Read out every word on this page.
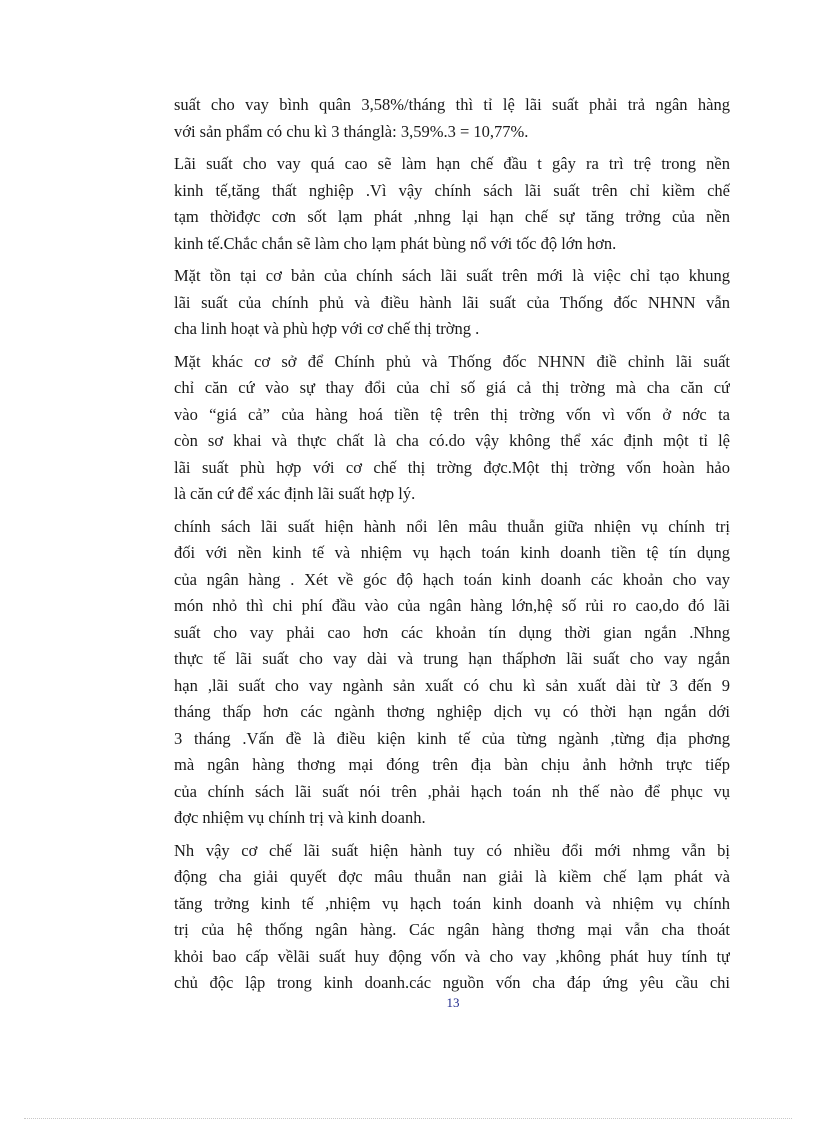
suất cho vay bình quân 3,58%/tháng thì tỉ lệ lãi suất phải trả ngân hàng
với sản phẩm có chu kì 3 thánglà: 3,59%.3 = 10,77%.

Lãi suất cho vay quá cao sẽ làm hạn chế đầu t gây ra trì trệ trong nền
kinh tế,tăng thất nghiệp .Vì vậy chính sách lãi suất trên chỉ kiềm chế
tạm thờiđợc cơn sốt lạm phát ,nhng lại hạn chế sự tăng trởng của nền
kinh tế.Chắc chắn sẽ làm cho lạm phát bùng nổ với tốc độ lớn hơn.

Mặt tồn tại cơ bản của chính sách lãi suất trên mới là việc chỉ tạo khung
lãi suất của chính phủ và điều hành lãi suất của Thống đốc NHNN vẫn
cha linh hoạt và phù hợp với cơ chế thị trờng .

Mặt khác cơ sở để Chính phủ và Thống đốc NHNN điề chỉnh lãi suất
chỉ căn cứ vào sự thay đổi của chỉ số giá cả thị trờng mà cha căn cứ
vào “giá cả” của hàng hoá tiền tệ trên thị trờng vốn vì vốn ở nớc ta
còn sơ khai và thực chất là cha có.do vậy không thể xác định một tỉ lệ
lãi suất phù hợp với cơ chế thị trờng đợc.Một thị trờng vốn hoàn hảo
là căn cứ để xác định lãi suất hợp lý.

chính sách lãi suất hiện hành nổi lên mâu thuẫn giữa nhiện vụ chính trị
đối với nền kinh tế và nhiệm vụ hạch toán kinh doanh tiền tệ tín dụng
của ngân hàng . Xét về góc độ hạch toán kinh doanh các khoản cho vay
món nhỏ thì chi phí đầu vào của ngân hàng lớn,hệ số rủi ro cao,do đó lãi
suất cho vay phải cao hơn các khoản tín dụng thời gian ngắn .Nhng
thực tế lãi suất cho vay dài và trung hạn thấphơn lãi suất cho vay ngắn
hạn ,lãi suất cho vay ngành sản xuất có chu kì sản xuất dài từ 3 đến 9
tháng thấp hơn các ngành thơng nghiệp dịch vụ có thời hạn ngắn dới
3 tháng .Vấn đề là điều kiện kinh tế của từng ngành ,từng địa phơng
mà ngân hàng thơng mại đóng trên địa bàn chịu ảnh hởnh trực tiếp
của chính sách lãi suất nói trên ,phải hạch toán nh thế nào để phục vụ
đợc nhiệm vụ chính trị và kinh doanh.

Nh vậy cơ chế lãi suất hiện hành tuy có nhiều đổi mới nhmg vẫn bị
động cha giải quyết đợc mâu thuẫn nan giải là kiềm chế lạm phát và
tăng trởng kinh tế ,nhiệm vụ hạch toán kinh doanh và nhiệm vụ chính
trị của hệ thống ngân hàng. Các ngân hàng thơng mại vẫn cha thoát
khỏi bao cấp vềlãi suất huy động vốn và cho vay ,không phát huy tính tự
chủ độc lập trong kinh doanh.các nguồn vốn cha đáp ứng yêu cầu chi

13
